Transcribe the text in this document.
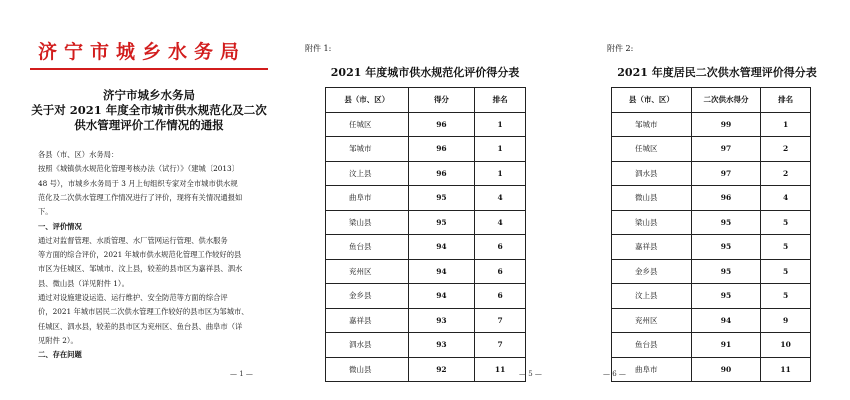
济宁市城乡水务局
济宁市城乡水务局
关于对 2021 年度全市城市供水规范化及二次
供水管理评价工作情况的通报
各县（市、区）水务局：
按照《城镇供水规范化管理考核办法（试行）》（建城〔2013〕
48 号），市城乡水务局于 3 月上旬组织专家对全市城市供水规
范化及二次供水管理工作情况进行了评价，现将有关情况通报如
下。
一、评价情况
通过对监督管理、水质管理、水厂管网运行管理、供水服务
等方面的综合评价，2021 年城市供水规范化管理工作较好的县
市区为任城区、邹城市、汶上县，较差的县市区为嘉祥县、泗水
县、微山县（详见附件 1）。
通过对设施建设运造、运行维护、安全防范等方面的综合评
价，2021 年城市居民二次供水管理工作较好的县市区为邹城市、
任城区、泗水县，较差的县市区为兖州区、鱼台县、曲阜市（详
见附件 2）。
二、存在问题
— 1 —
附件 1:
2021 年度城市供水规范化评价得分表
县（市、区）	得分	排名
任城区	96	1
邹城市	96	1
汶上县	96	1
曲阜市	95	4
梁山县	95	4
鱼台县	94	6
兖州区	94	6
金乡县	94	6
嘉祥县	93	7
泗水县	93	7
微山县	92	11
— 5 —
附件 2:
2021 年度居民二次供水管理评价得分表
县（市、区）	二次供水得分	排名
邹城市	99	1
任城区	97	2
泗水县	97	2
微山县	96	4
梁山县	95	5
嘉祥县	95	5
金乡县	95	5
汶上县	95	5
兖州区	94	9
鱼台县	91	10
曲阜市	90	11
— 6 —
